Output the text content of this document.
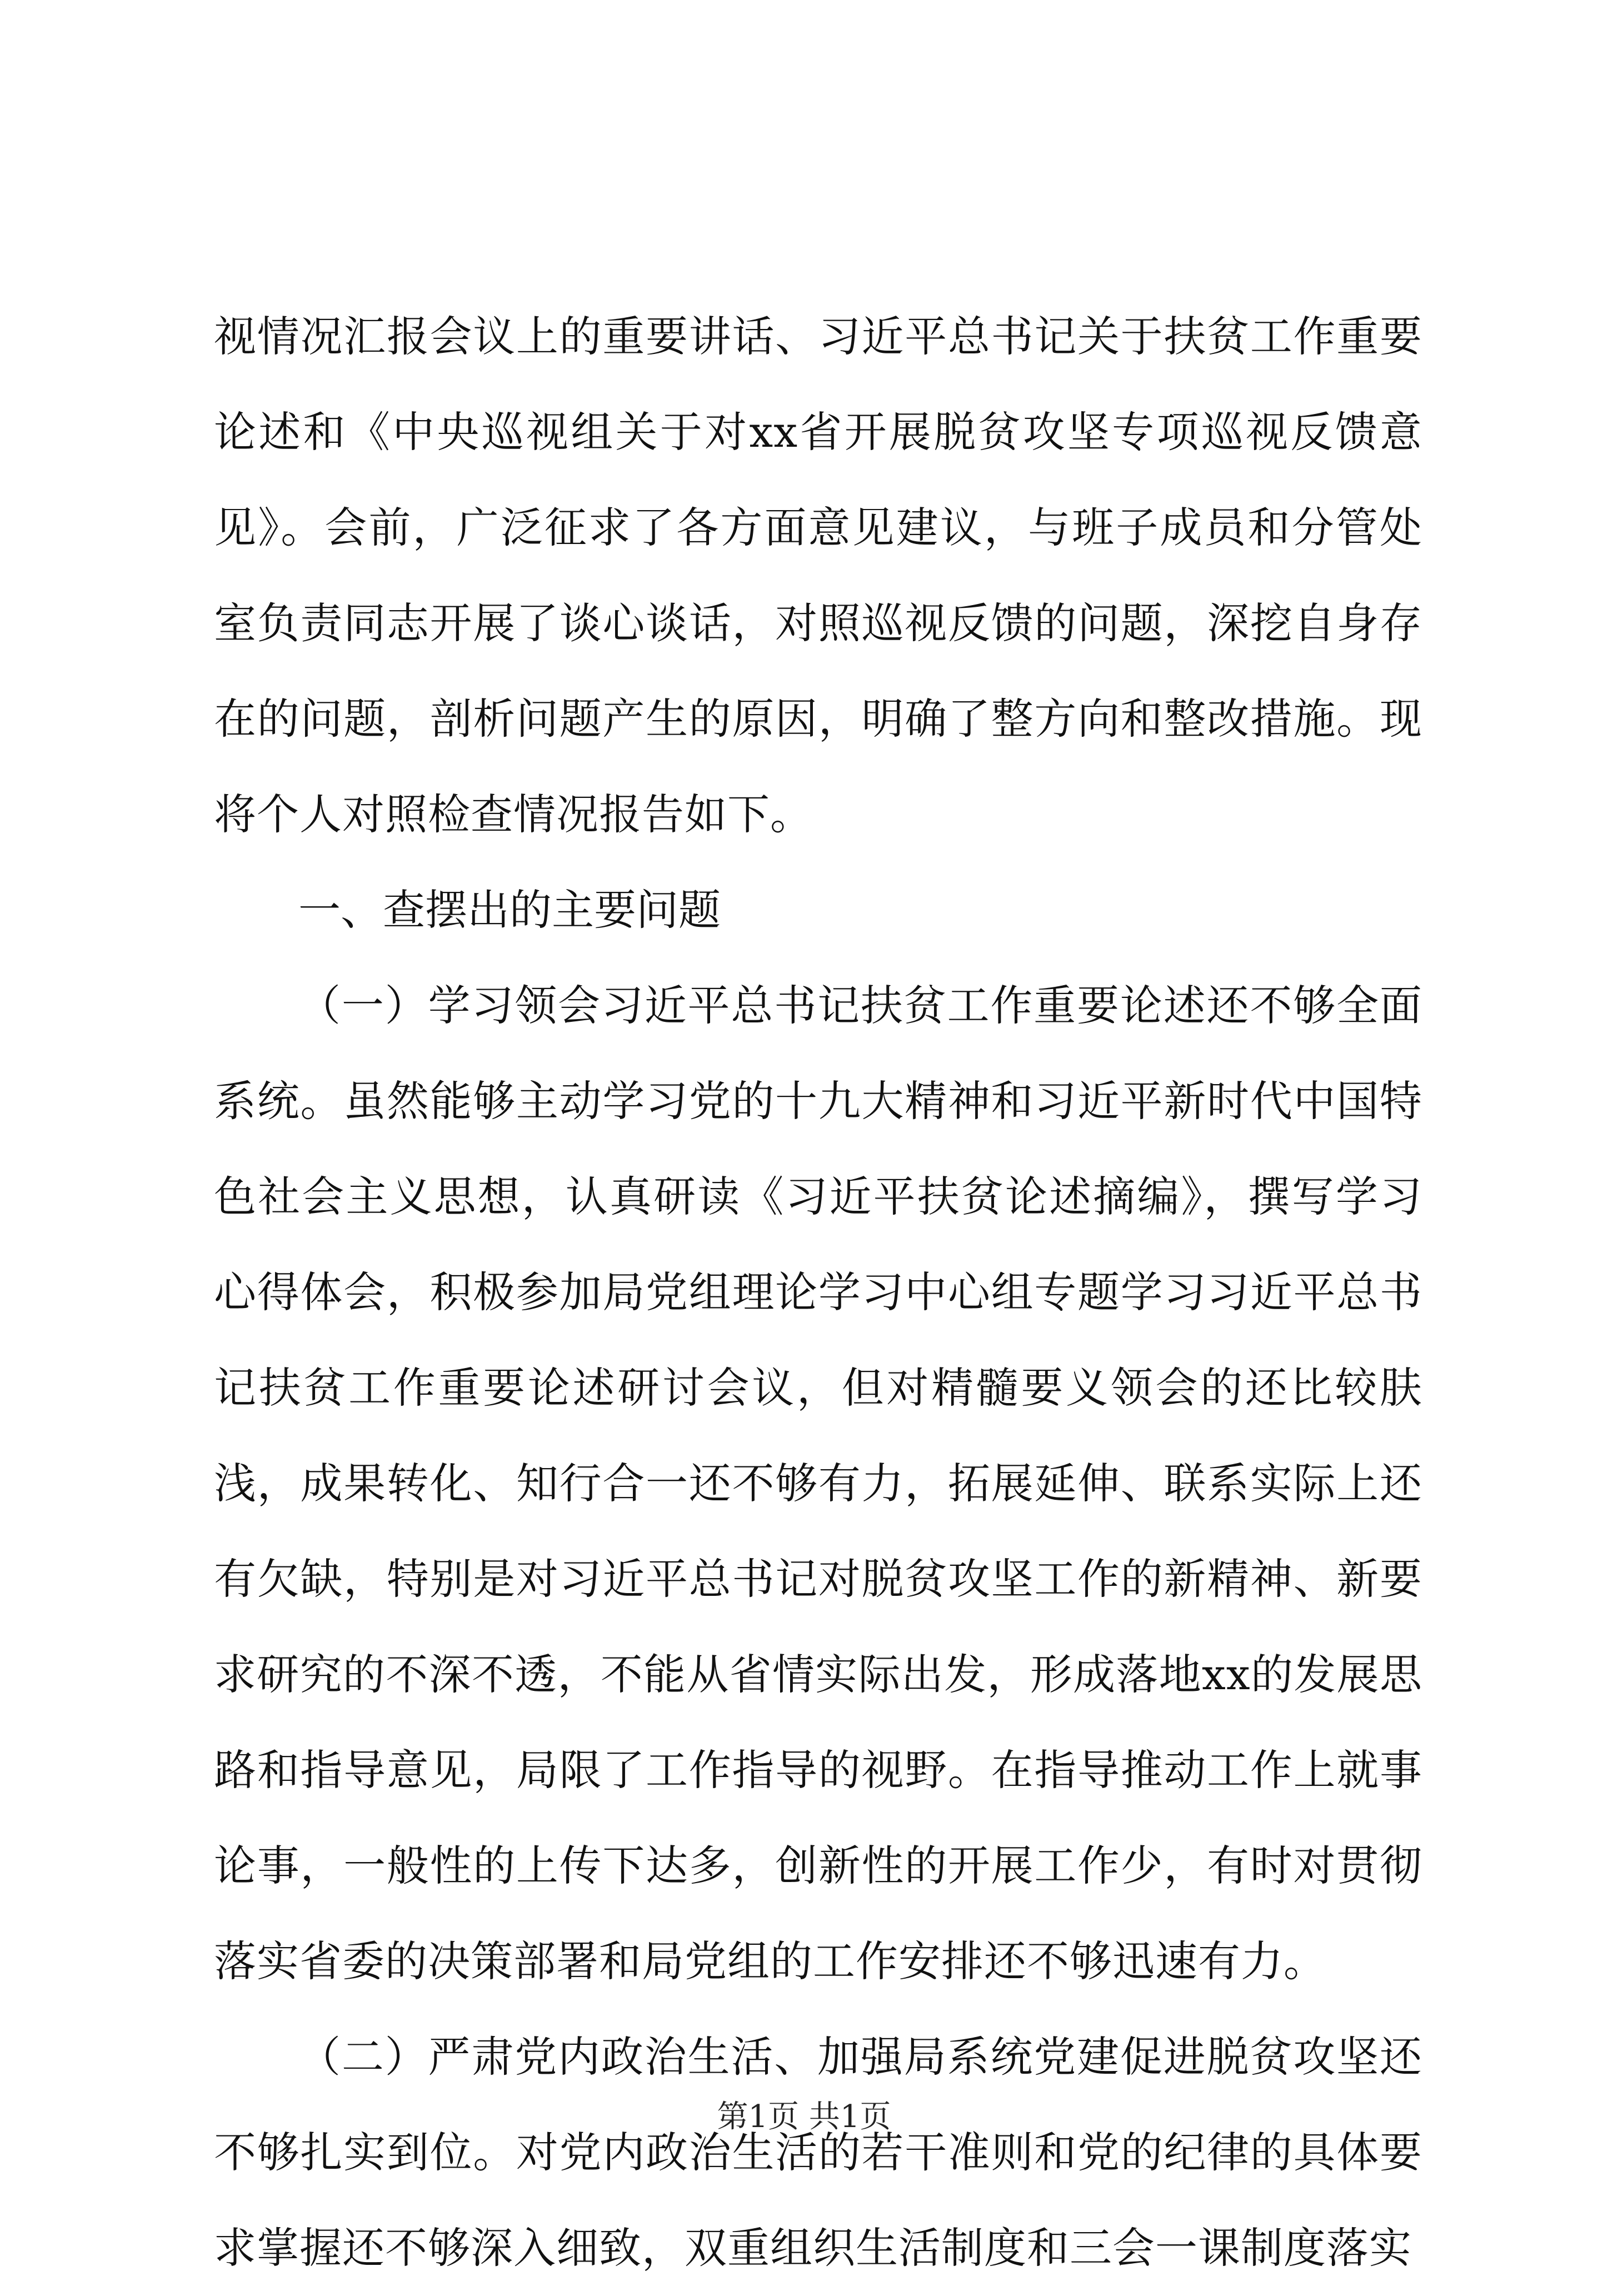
视情况汇报会议上的重要讲话、习近平总书记关于扶贫工作重要论述和《中央巡视组关于对xx省开展脱贫攻坚专项巡视反馈意见》。会前，广泛征求了各方面意见建议，与班子成员和分管处室负责同志开展了谈心谈话，对照巡视反馈的问题，深挖自身存在的问题，剖析问题产生的原因，明确了整方向和整改措施。现将个人对照检查情况报告如下。

一、查摆出的主要问题

（一）学习领会习近平总书记扶贫工作重要论述还不够全面系统。虽然能够主动学习党的十九大精神和习近平新时代中国特色社会主义思想，认真研读《习近平扶贫论述摘编》，撰写学习心得体会，积极参加局党组理论学习中心组专题学习习近平总书记扶贫工作重要论述研讨会议，但对精髓要义领会的还比较肤浅，成果转化、知行合一还不够有力，拓展延伸、联系实际上还有欠缺，特别是对习近平总书记对脱贫攻坚工作的新精神、新要求研究的不深不透，不能从省情实际出发，形成落地xx的发展思路和指导意见，局限了工作指导的视野。在指导推动工作上就事论事，一般性的上传下达多，创新性的开展工作少，有时对贯彻落实省委的决策部署和局党组的工作安排还不够迅速有力。

（二）严肃党内政治生活、加强局系统党建促进脱贫攻坚还不够扎实到位。对党内政治生活的若干准则和党的纪律的具体要求掌握还不够深入细致，双重组织生活制度和三会一课制度落实

第1页 共1页
